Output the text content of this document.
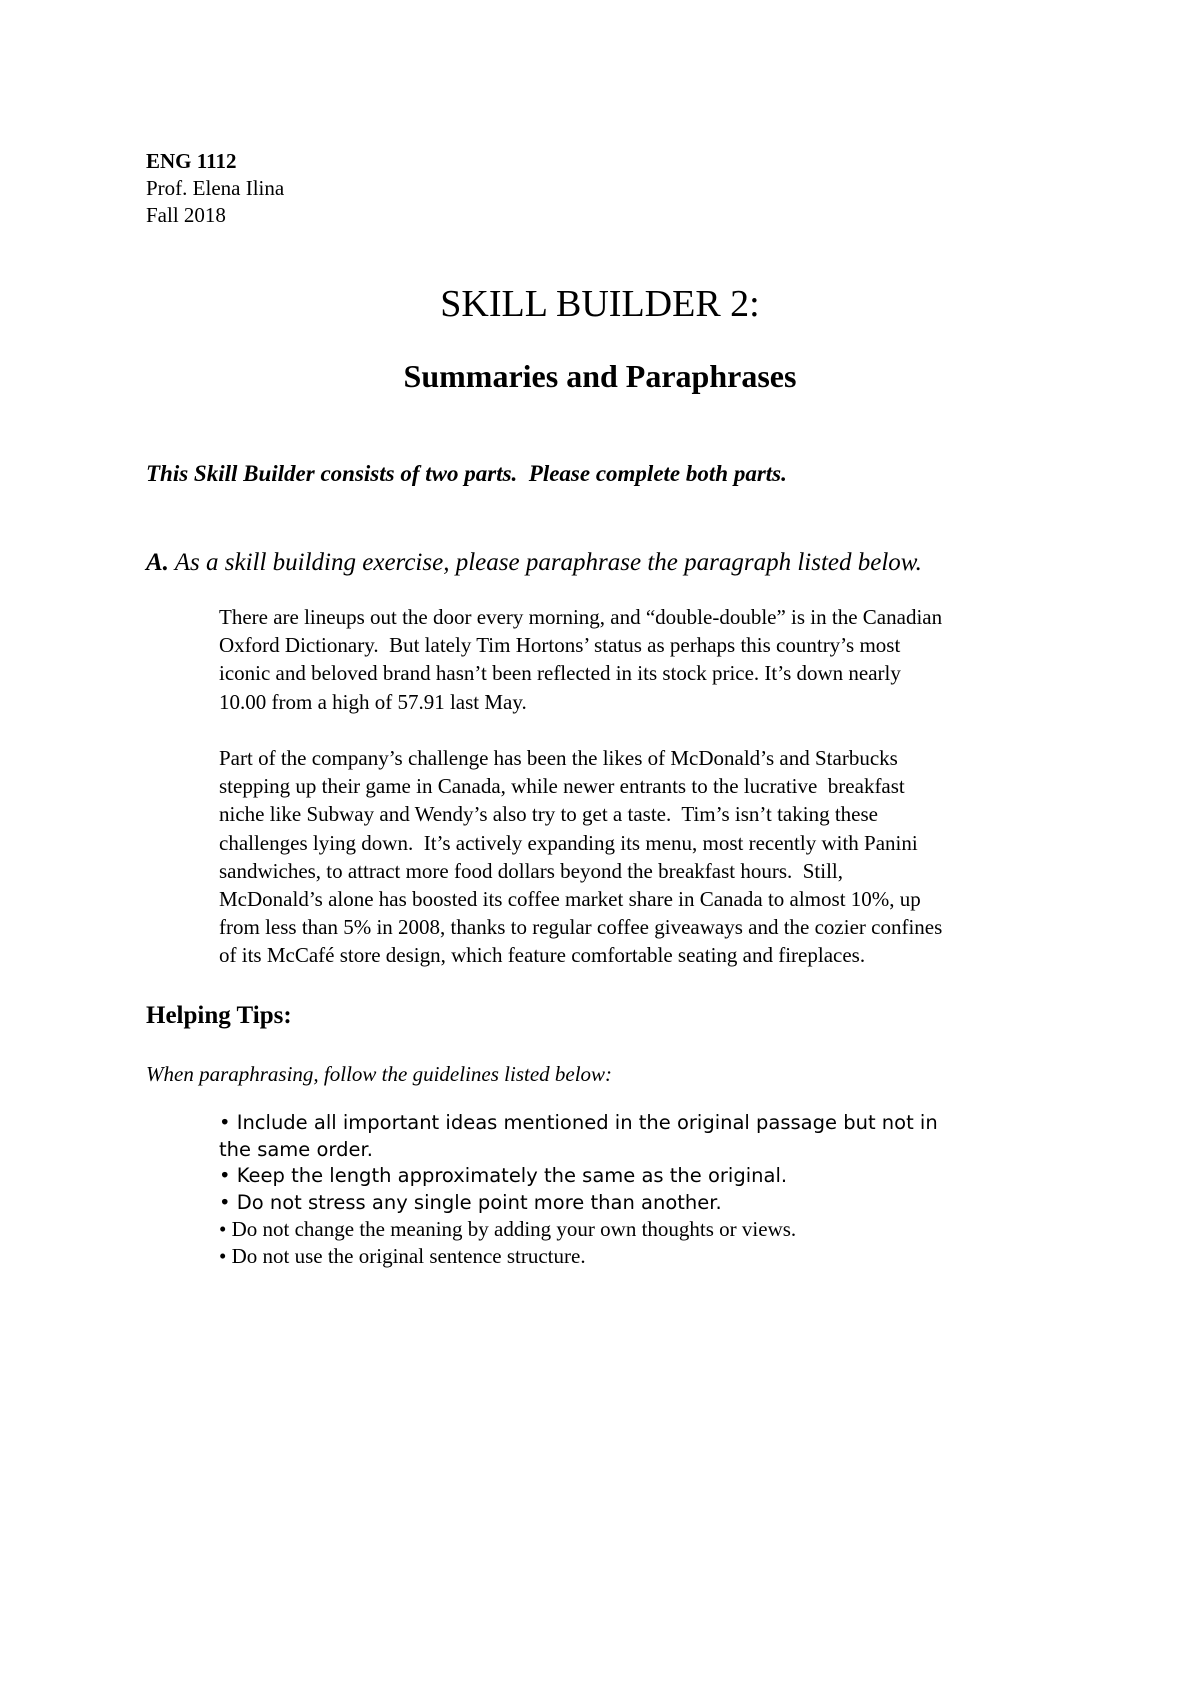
ENG 1112
Prof. Elena Ilina
Fall 2018
SKILL BUILDER 2:
Summaries and Paraphrases
This Skill Builder consists of two parts.  Please complete both parts.
A. As a skill building exercise, please paraphrase the paragraph listed below.
There are lineups out the door every morning, and “double-double” is in the Canadian
Oxford Dictionary.  But lately Tim Hortons’ status as perhaps this country’s most
iconic and beloved brand hasn’t been reflected in its stock price. It’s down nearly
10.00 from a high of 57.91 last May.
Part of the company’s challenge has been the likes of McDonald’s and Starbucks
stepping up their game in Canada, while newer entrants to the lucrative  breakfast
niche like Subway and Wendy’s also try to get a taste.  Tim’s isn’t taking these
challenges lying down.  It’s actively expanding its menu, most recently with Panini
sandwiches, to attract more food dollars beyond the breakfast hours.  Still,
McDonald’s alone has boosted its coffee market share in Canada to almost 10%, up
from less than 5% in 2008, thanks to regular coffee giveaways and the cozier confines
of its McCafé store design, which feature comfortable seating and fireplaces.
Helping Tips:
When paraphrasing, follow the guidelines listed below:
• Include all important ideas mentioned in the original passage but not in
the same order.
• Keep the length approximately the same as the original.
• Do not stress any single point more than another.
• Do not change the meaning by adding your own thoughts or views.
• Do not use the original sentence structure.
